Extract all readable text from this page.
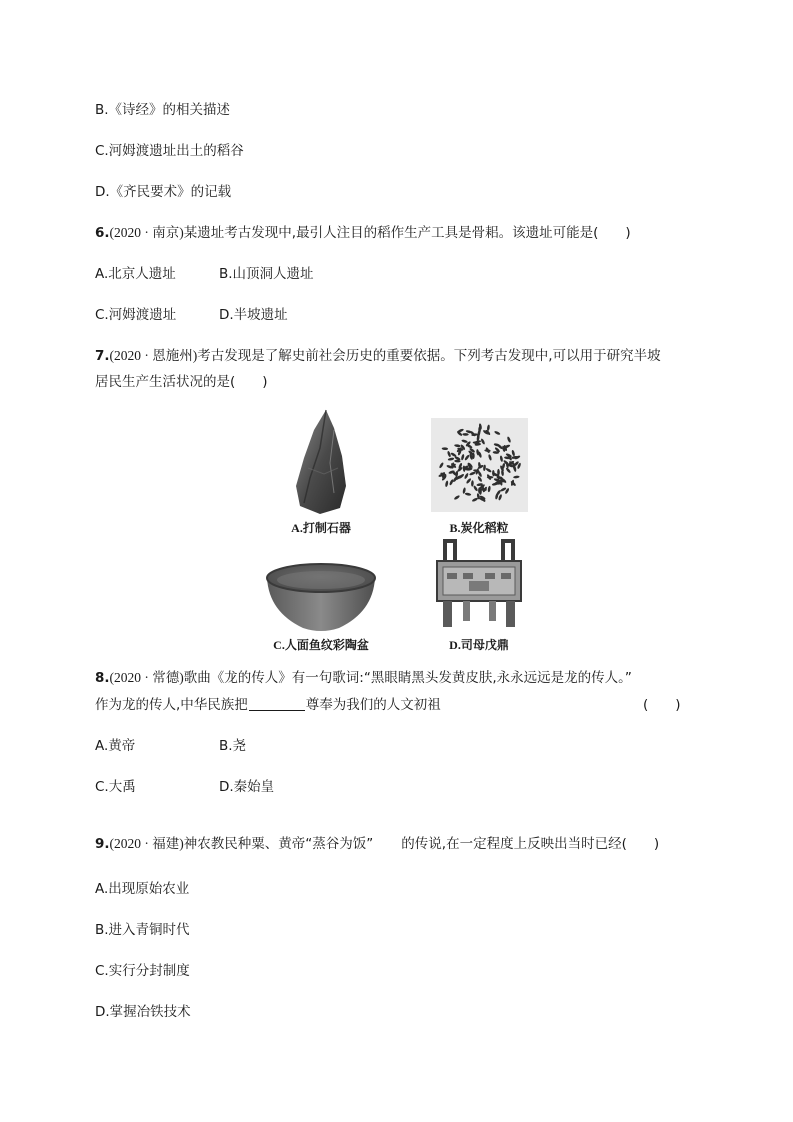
B.《诗经》的相关描述
C.河姆渡遗址出土的稻谷
D.《齐民要术》的记载
6.(2020 · 南京)某遗址考古发现中,最引人注目的稻作生产工具是骨耜。该遗址可能是(　　)
A.北京人遗址	B.山顶洞人遗址
C.河姆渡遗址	D.半坡遗址
7.(2020 · 恩施州)考古发现是了解史前社会历史的重要依据。下列考古发现中,可以用于研究半坡
居民生产生活状况的是(　　)
A.打制石器	B.炭化稻粒
C.人面鱼纹彩陶盆	D.司母戊鼎
8.(2020 · 常德)歌曲《龙的传人》有一句歌词:“黑眼睛黑头发黄皮肤,永永远远是龙的传人。”
作为龙的传人,中华民族把	尊奉为我们的人文初祖	(　　)
A.黄帝	B.尧
C.大禹	D.秦始皇
9.(2020 · 福建)神农教民种粟、黄帝“蒸谷为饭” 的传说,在一定程度上反映出当时已经(　　)
A.出现原始农业
B.进入青铜时代
C.实行分封制度
D.掌握冶铁技术
